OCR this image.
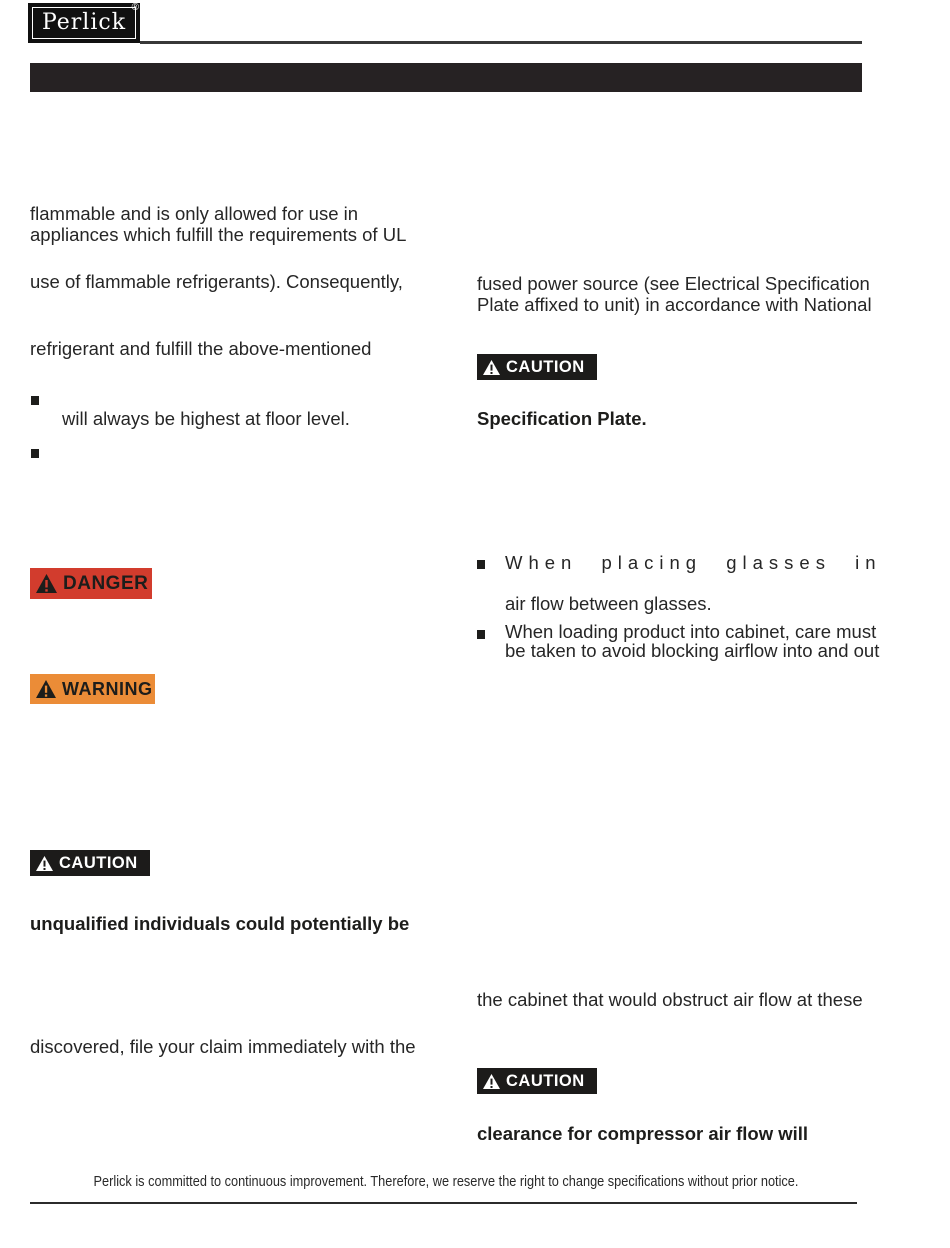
Perlick
®
flammable and is only allowed for use in
appliances which fulfill the requirements of UL
use of flammable refrigerants). Consequently,
refrigerant and fulfill the above-mentioned
will always be highest at floor level.
DANGER
WARNING
CAUTION
unqualified individuals could potentially be
discovered, file your claim immediately with the
fused power source (see Electrical Specification
Plate affixed to unit) in accordance with National
CAUTION
Specification Plate.
When placing glasses in
air flow between glasses.
When loading product into cabinet, care must
be taken to avoid blocking airflow into and out
the cabinet that would obstruct air flow at these
CAUTION
clearance for compressor air flow will
Perlick is committed to continuous improvement. Therefore, we reserve the right to change specifications without prior notice.
